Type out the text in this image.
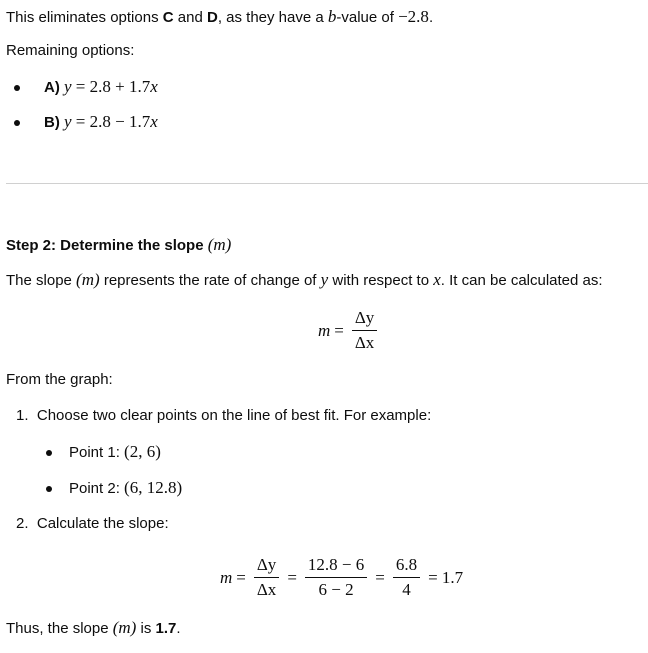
This eliminates options C and D, as they have a b-value of −2.8.
Remaining options:
A) y = 2.8 + 1.7x
B) y = 2.8 − 1.7x
Step 2: Determine the slope (m)
The slope (m) represents the rate of change of y with respect to x. It can be calculated as:
$m = \frac{\Delta y}{\Delta x}$
From the graph:
1. Choose two clear points on the line of best fit. For example:
Point 1: (2, 6)
Point 2: (6, 12.8)
2. Calculate the slope:
$m = \frac{\Delta y}{\Delta x} = \frac{12.8 - 6}{6 - 2} = \frac{6.8}{4} = 1.7$
Thus, the slope (m) is 1.7.
